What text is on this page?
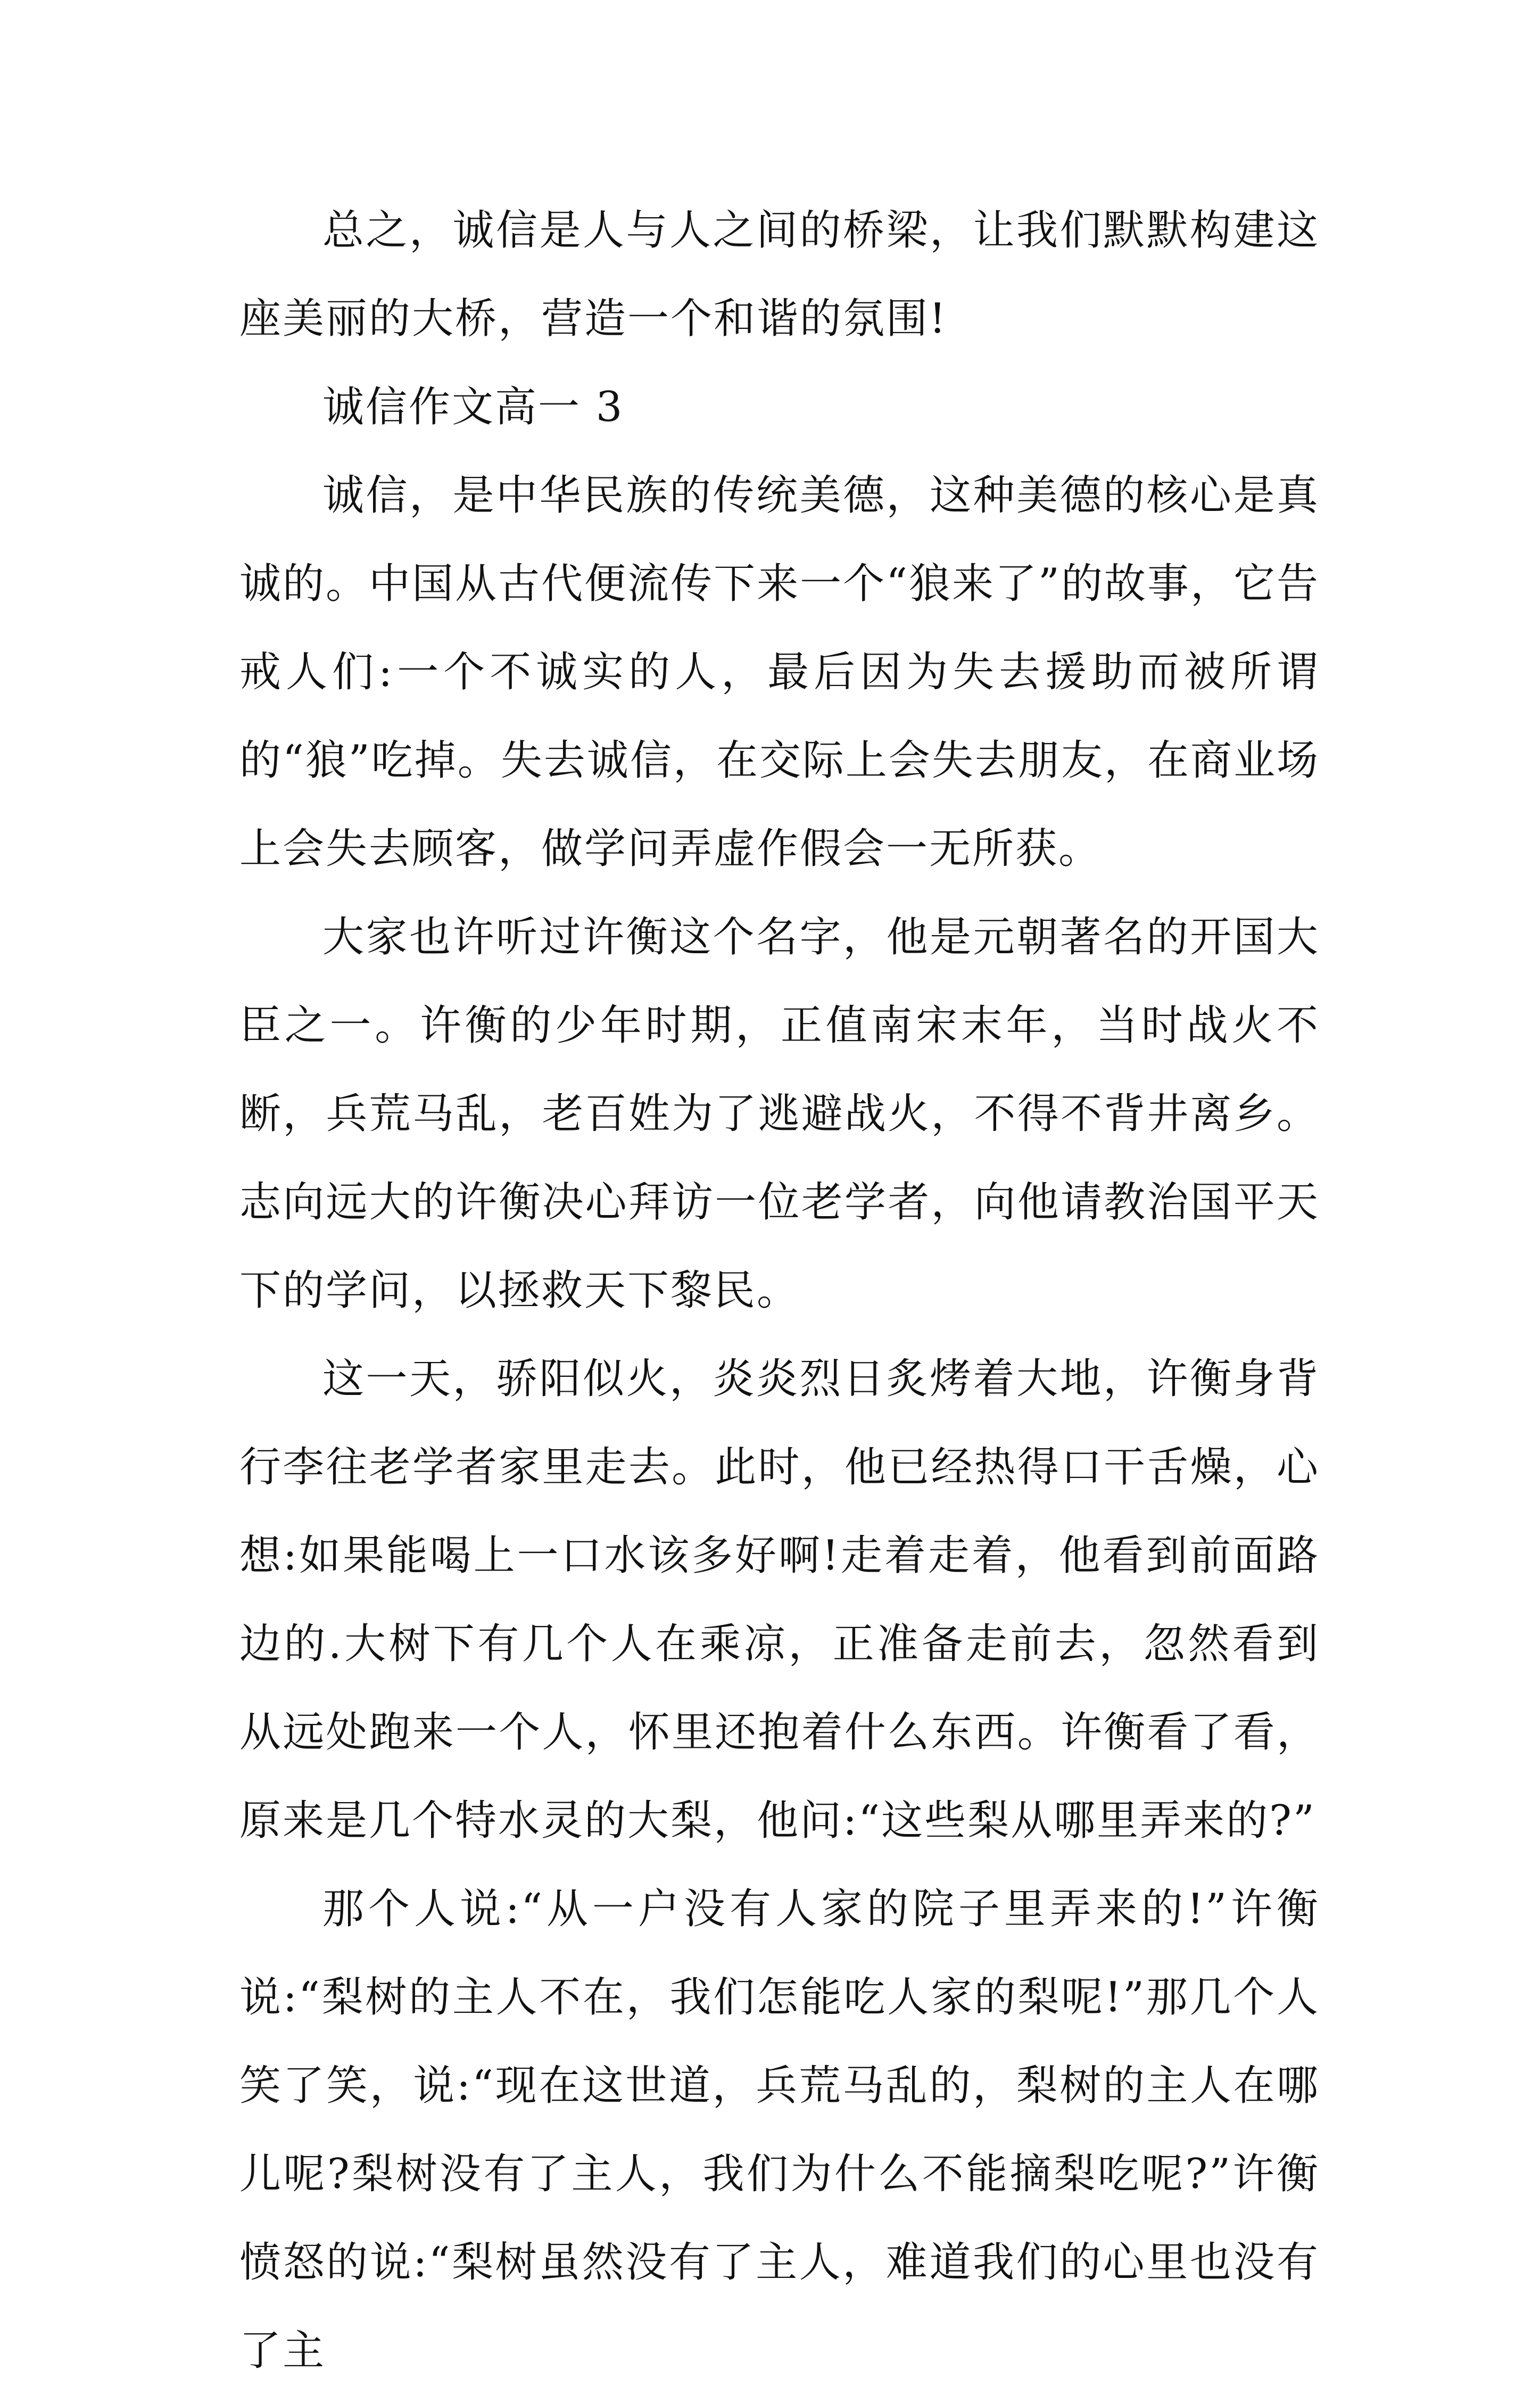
总之，诚信是人与人之间的桥梁，让我们默默构建这座美丽的大桥，营造一个和谐的氛围!

诚信作文高一 3

诚信，是中华民族的传统美德，这种美德的核心是真诚的。中国从古代便流传下来一个“狼来了”的故事，它告戒人们:一个不诚实的人，最后因为失去援助而被所谓的“狼”吃掉。失去诚信，在交际上会失去朋友，在商业场上会失去顾客，做学问弄虚作假会一无所获。

大家也许听过许衡这个名字，他是元朝著名的开国大臣之一。许衡的少年时期，正值南宋末年，当时战火不断，兵荒马乱，老百姓为了逃避战火，不得不背井离乡。志向远大的许衡决心拜访一位老学者，向他请教治国平天下的学问，以拯救天下黎民。

这一天，骄阳似火，炎炎烈日炙烤着大地，许衡身背行李往老学者家里走去。此时，他已经热得口干舌燥，心想:如果能喝上一口水该多好啊!走着走着，他看到前面路边的.大树下有几个人在乘凉，正准备走前去，忽然看到从远处跑来一个人，怀里还抱着什么东西。许衡看了看，原来是几个特水灵的大梨，他问:“这些梨从哪里弄来的?”

那个人说:“从一户没有人家的院子里弄来的!”许衡说:“梨树的主人不在，我们怎能吃人家的梨呢!”那几个人笑了笑，说:“现在这世道，兵荒马乱的，梨树的主人在哪儿呢?梨树没有了主人，我们为什么不能摘梨吃呢?”许衡愤怒的说:“梨树虽然没有了主人，难道我们的心里也没有了主
